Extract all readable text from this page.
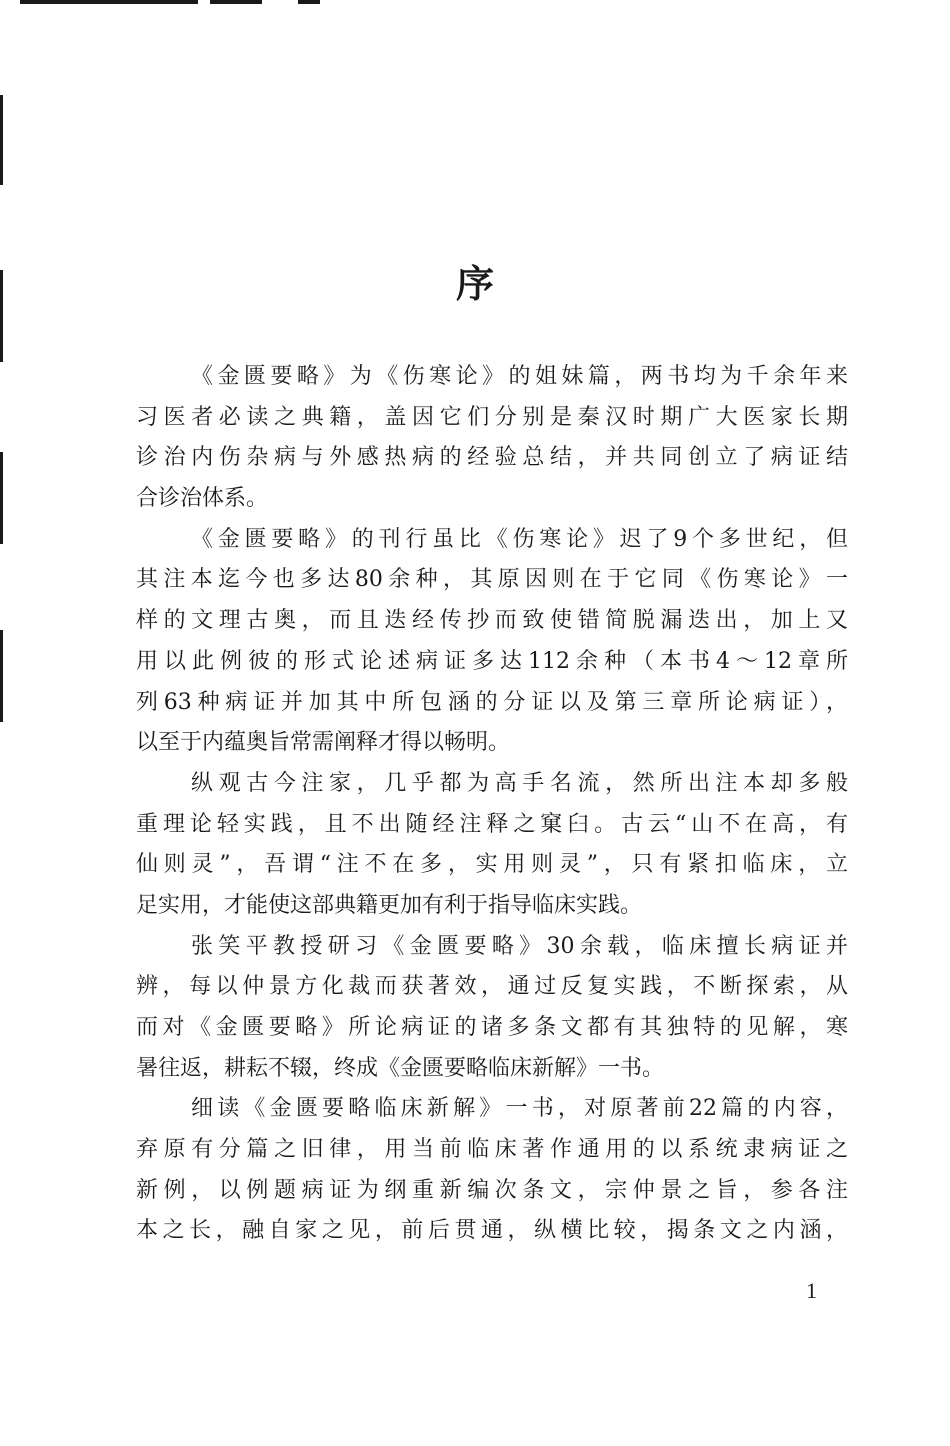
序

《金匮要略》为《伤寒论》的姐妹篇，两书均为千余年来

习医者必读之典籍，盖因它们分别是秦汉时期广大医家长期

诊治内伤杂病与外感热病的经验总结，并共同创立了病证结

合诊治体系。

《金匮要略》的刊行虽比《伤寒论》迟了9个多世纪，但

其注本迄今也多达80余种，其原因则在于它同《伤寒论》一

样的文理古奥，而且迭经传抄而致使错简脱漏迭出，加上又

用以此例彼的形式论述病证多达112余种（本书4～12章所

列63种病证并加其中所包涵的分证以及第三章所论病证），

以至于内蕴奥旨常需阐释才得以畅明。

纵观古今注家，几乎都为高手名流，然所出注本却多般

重理论轻实践，且不出随经注释之窠臼。古云“山不在高，有

仙则灵”，吾谓“注不在多，实用则灵”，只有紧扣临床，立

足实用，才能使这部典籍更加有利于指导临床实践。

张笑平教授研习《金匮要略》30余载，临床擅长病证并

辨，每以仲景方化裁而获著效，通过反复实践，不断探索，从

而对《金匮要略》所论病证的诸多条文都有其独特的见解，寒

暑往返，耕耘不辍，终成《金匮要略临床新解》一书。

细读《金匮要略临床新解》一书，对原著前22篇的内容，

弃原有分篇之旧律，用当前临床著作通用的以系统隶病证之

新例，以例题病证为纲重新编次条文，宗仲景之旨，参各注

本之长，融自家之见，前后贯通，纵横比较，揭条文之内涵，

1
